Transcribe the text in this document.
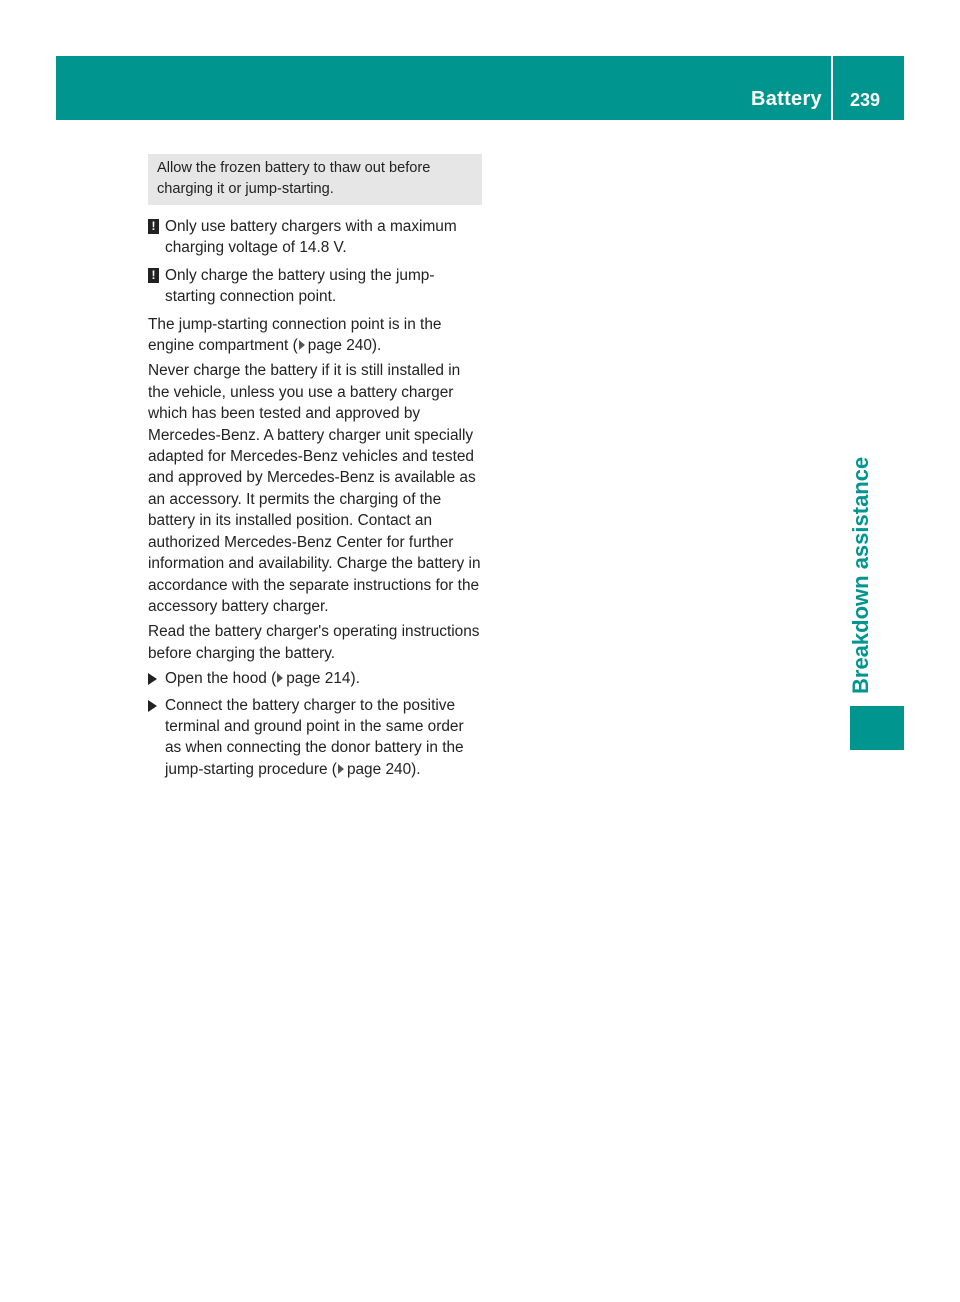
Battery 239
Breakdown assistance
Allow the frozen battery to thaw out before charging it or jump-starting.
! Only use battery chargers with a maximum charging voltage of 14.8 V.
! Only charge the battery using the jump-starting connection point.

The jump-starting connection point is in the engine compartment ( page 240).

Never charge the battery if it is still installed in the vehicle, unless you use a battery charger which has been tested and approved by Mercedes-Benz. A battery charger unit specially adapted for Mercedes-Benz vehicles and tested and approved by Mercedes-Benz is available as an accessory. It permits the charging of the battery in its installed position. Contact an authorized Mercedes-Benz Center for further information and availability. Charge the battery in accordance with the separate instructions for the accessory battery charger.

Read the battery charger's operating instructions before charging the battery.

Open the hood ( page 214).
Connect the battery charger to the positive terminal and ground point in the same order as when connecting the donor battery in the jump-starting procedure ( page 240).
